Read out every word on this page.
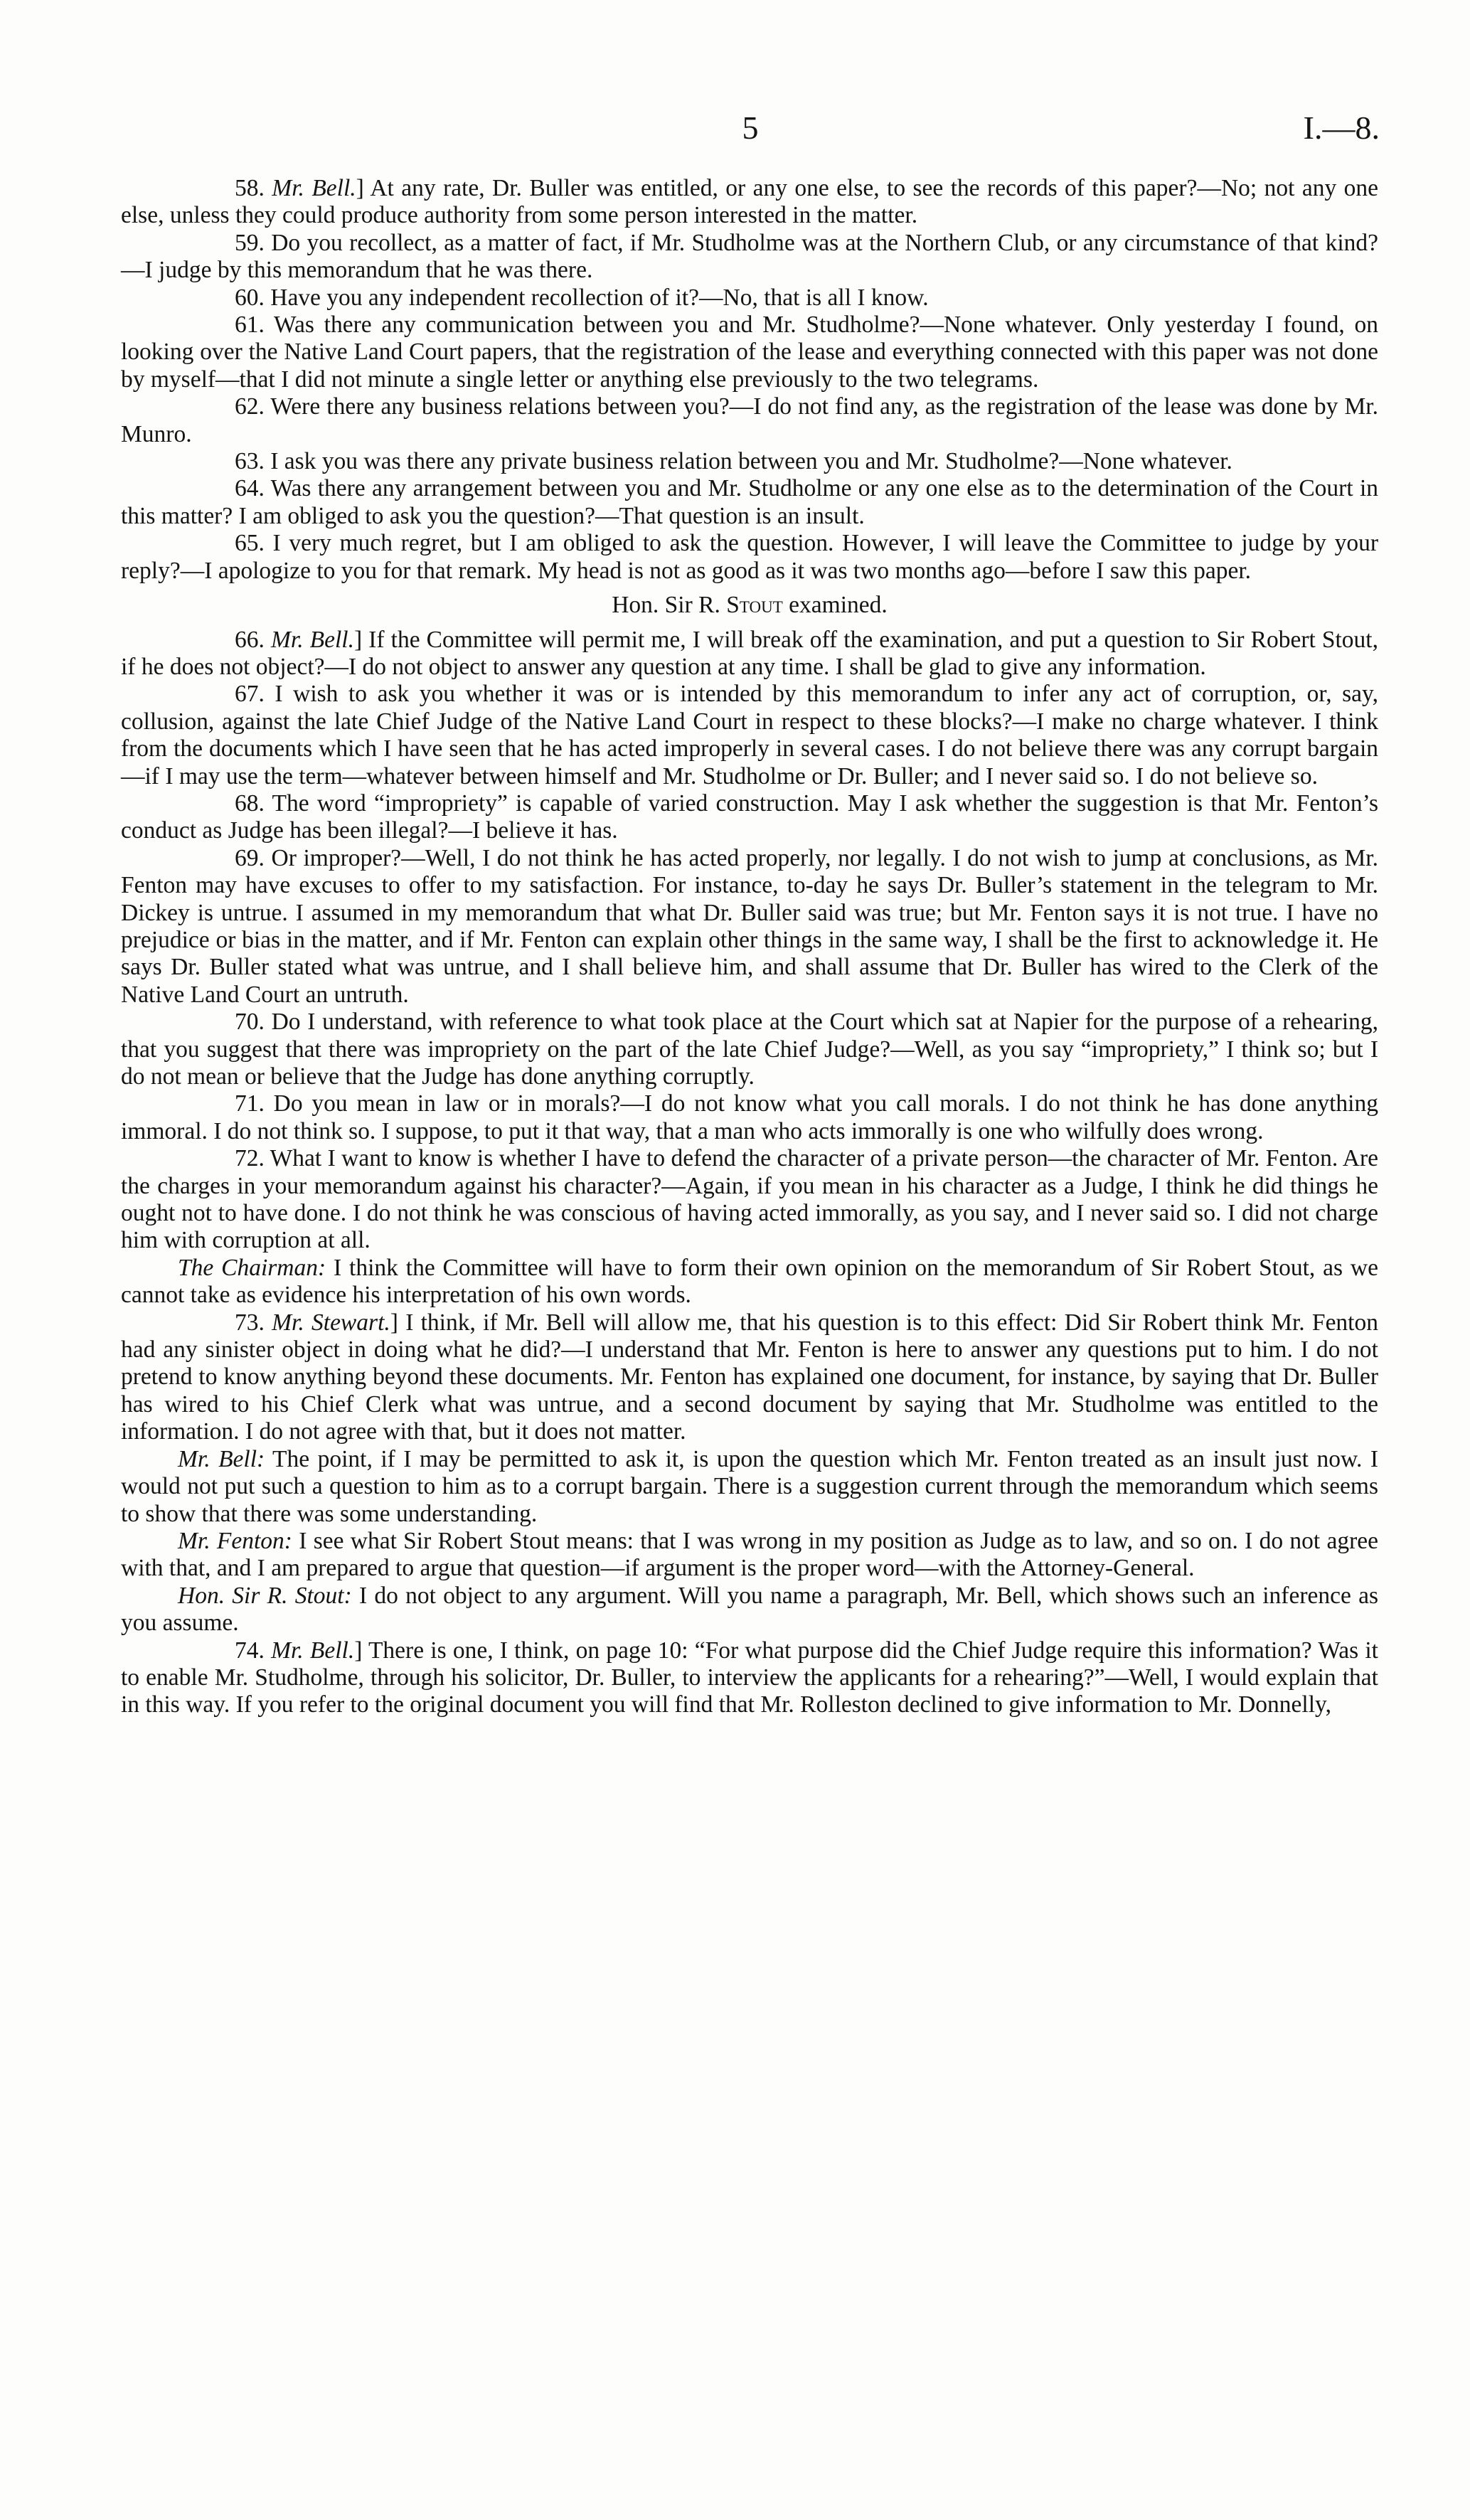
5	I.—8.

58. Mr. Bell.] At any rate, Dr. Buller was entitled, or any one else, to see the records of this paper?—No; not any one else, unless they could produce authority from some person interested in the matter.

59. Do you recollect, as a matter of fact, if Mr. Studholme was at the Northern Club, or any circumstance of that kind?—I judge by this memorandum that he was there.

60. Have you any independent recollection of it?—No, that is all I know.

61. Was there any communication between you and Mr. Studholme?—None whatever. Only yesterday I found, on looking over the Native Land Court papers, that the registration of the lease and everything connected with this paper was not done by myself—that I did not minute a single letter or anything else previously to the two telegrams.

62. Were there any business relations between you?—I do not find any, as the registration of the lease was done by Mr. Munro.

63. I ask you was there any private business relation between you and Mr. Studholme?—None whatever.

64. Was there any arrangement between you and Mr. Studholme or any one else as to the determination of the Court in this matter? I am obliged to ask you the question?—That question is an insult.

65. I very much regret, but I am obliged to ask the question. However, I will leave the Committee to judge by your reply?—I apologize to you for that remark. My head is not as good as it was two months ago—before I saw this paper.

Hon. Sir R. Stout examined.

66. Mr. Bell.] If the Committee will permit me, I will break off the examination, and put a question to Sir Robert Stout, if he does not object?—I do not object to answer any question at any time. I shall be glad to give any information.

67. I wish to ask you whether it was or is intended by this memorandum to infer any act of corruption, or, say, collusion, against the late Chief Judge of the Native Land Court in respect to these blocks?—I make no charge whatever. I think from the documents which I have seen that he has acted improperly in several cases. I do not believe there was any corrupt bargain—if I may use the term—whatever between himself and Mr. Studholme or Dr. Buller; and I never said so. I do not believe so.

68. The word “impropriety” is capable of varied construction. May I ask whether the suggestion is that Mr. Fenton’s conduct as Judge has been illegal?—I believe it has.

69. Or improper?—Well, I do not think he has acted properly, nor legally. I do not wish to jump at conclusions, as Mr. Fenton may have excuses to offer to my satisfaction. For instance, to-day he says Dr. Buller’s statement in the telegram to Mr. Dickey is untrue. I assumed in my memorandum that what Dr. Buller said was true; but Mr. Fenton says it is not true. I have no prejudice or bias in the matter, and if Mr. Fenton can explain other things in the same way, I shall be the first to acknowledge it. He says Dr. Buller stated what was untrue, and I shall believe him, and shall assume that Dr. Buller has wired to the Clerk of the Native Land Court an untruth.

70. Do I understand, with reference to what took place at the Court which sat at Napier for the purpose of a rehearing, that you suggest that there was impropriety on the part of the late Chief Judge?—Well, as you say “impropriety,” I think so; but I do not mean or believe that the Judge has done anything corruptly.

71. Do you mean in law or in morals?—I do not know what you call morals. I do not think he has done anything immoral. I do not think so. I suppose, to put it that way, that a man who acts immorally is one who wilfully does wrong.

72. What I want to know is whether I have to defend the character of a private person—the character of Mr. Fenton. Are the charges in your memorandum against his character?—Again, if you mean in his character as a Judge, I think he did things he ought not to have done. I do not think he was conscious of having acted immorally, as you say, and I never said so. I did not charge him with corruption at all.

The Chairman: I think the Committee will have to form their own opinion on the memorandum of Sir Robert Stout, as we cannot take as evidence his interpretation of his own words.

73. Mr. Stewart.] I think, if Mr. Bell will allow me, that his question is to this effect: Did Sir Robert think Mr. Fenton had any sinister object in doing what he did?—I understand that Mr. Fenton is here to answer any questions put to him. I do not pretend to know anything beyond these documents. Mr. Fenton has explained one document, for instance, by saying that Dr. Buller has wired to his Chief Clerk what was untrue, and a second document by saying that Mr. Studholme was entitled to the information. I do not agree with that, but it does not matter.

Mr. Bell: The point, if I may be permitted to ask it, is upon the question which Mr. Fenton treated as an insult just now. I would not put such a question to him as to a corrupt bargain. There is a suggestion current through the memorandum which seems to show that there was some understanding.

Mr. Fenton: I see what Sir Robert Stout means: that I was wrong in my position as Judge as to law, and so on. I do not agree with that, and I am prepared to argue that question—if argument is the proper word—with the Attorney-General.

Hon. Sir R. Stout: I do not object to any argument. Will you name a paragraph, Mr. Bell, which shows such an inference as you assume.

74. Mr. Bell.] There is one, I think, on page 10: “For what purpose did the Chief Judge require this information? Was it to enable Mr. Studholme, through his solicitor, Dr. Buller, to interview the applicants for a rehearing?”—Well, I would explain that in this way. If you refer to the original document you will find that Mr. Rolleston declined to give information to Mr. Donnelly,
